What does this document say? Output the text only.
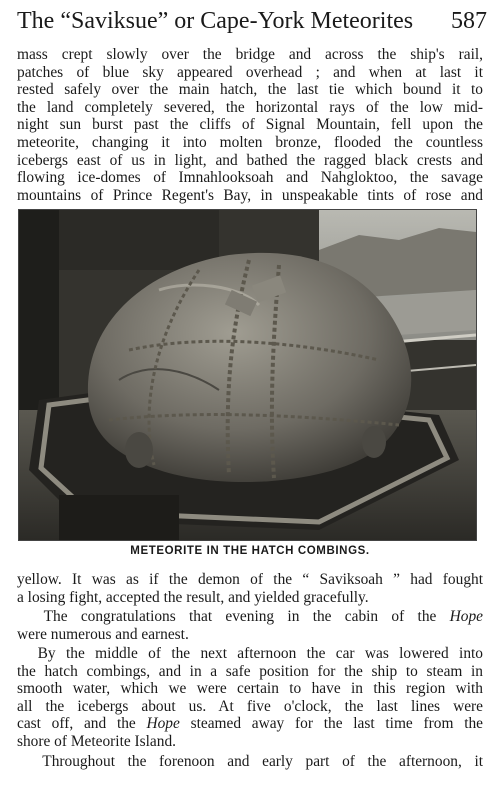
The “Saviksue” or Cape-York Meteorites 587
mass crept slowly over the bridge and across the ship's rail,
patches of blue sky appeared overhead ; and when at last it
rested safely over the main hatch, the last tie which bound it to
the land completely severed, the horizontal rays of the low mid-
night sun burst past the cliffs of Signal Mountain, fell upon the
meteorite, changing it into molten bronze, flooded the countless
icebergs east of us in light, and bathed the ragged black crests and
flowing ice-domes of Imnahlooksoah and Nahgloktoo, the savage
mountains of Prince Regent's Bay, in unspeakable tints of rose and
METEORITE IN THE HATCH COMBINGS.
yellow. It was as if the demon of the “ Saviksoah ” had fought
a losing fight, accepted the result, and yielded gracefully.
The congratulations that evening in the cabin of the Hope
were numerous and earnest.
By the middle of the next afternoon the car was lowered into
the hatch combings, and in a safe position for the ship to steam in
smooth water, which we were certain to have in this region with
all the icebergs about us. At five o'clock, the last lines were
cast off, and the Hope steamed away for the last time from the
shore of Meteorite Island.
Throughout the forenoon and early part of the afternoon, it
